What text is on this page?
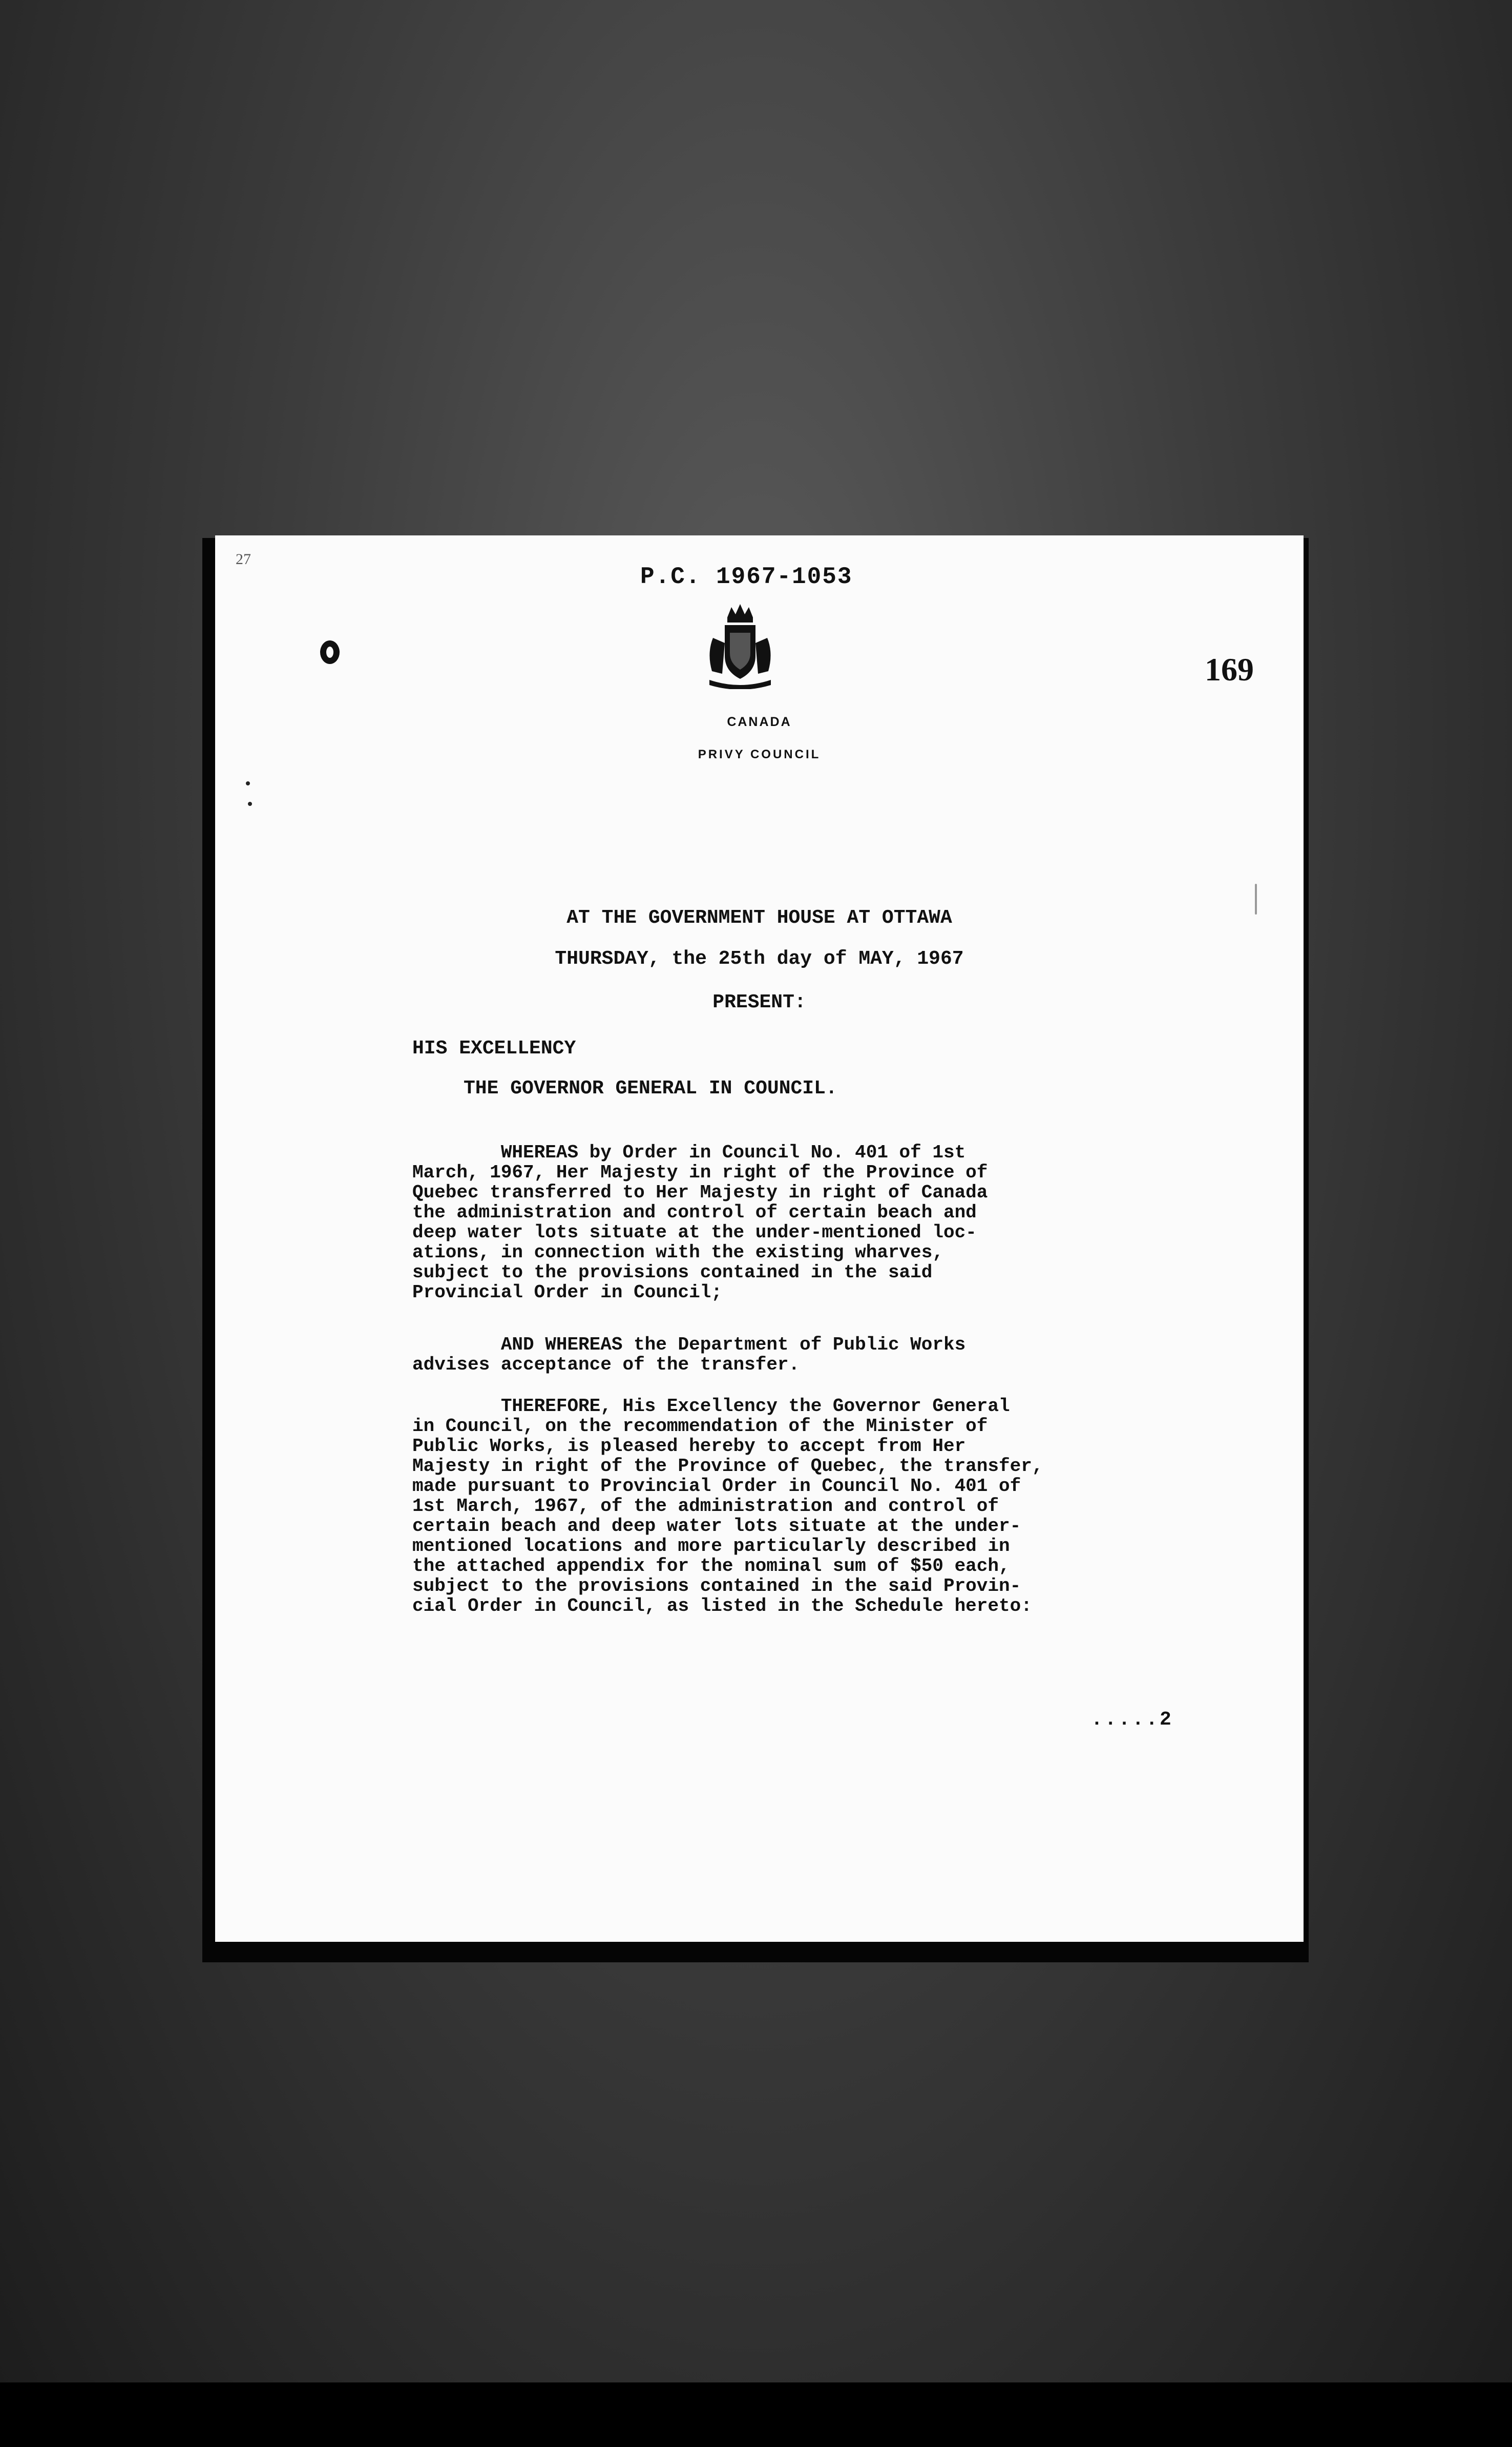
27
P.C. 1967-1053
169
CANADA
PRIVY COUNCIL
AT THE GOVERNMENT HOUSE AT OTTAWA
THURSDAY, the 25th day of MAY, 1967
PRESENT:
HIS EXCELLENCY
THE GOVERNOR GENERAL IN COUNCIL.
WHEREAS by Order in Council No. 401 of 1st
March, 1967, Her Majesty in right of the Province of
Quebec transferred to Her Majesty in right of Canada
the administration and control of certain beach and
deep water lots situate at the under-mentioned loc-
ations, in connection with the existing wharves,
subject to the provisions contained in the said
Provincial Order in Council;
AND WHEREAS the Department of Public Works
advises acceptance of the transfer.
THEREFORE, His Excellency the Governor General
in Council, on the recommendation of the Minister of
Public Works, is pleased hereby to accept from Her
Majesty in right of the Province of Quebec, the transfer,
made pursuant to Provincial Order in Council No. 401 of
1st March, 1967, of the administration and control of
certain beach and deep water lots situate at the under-
mentioned locations and more particularly described in
the attached appendix for the nominal sum of $50 each,
subject to the provisions contained in the said Provin-
cial Order in Council, as listed in the Schedule hereto:
.....2
